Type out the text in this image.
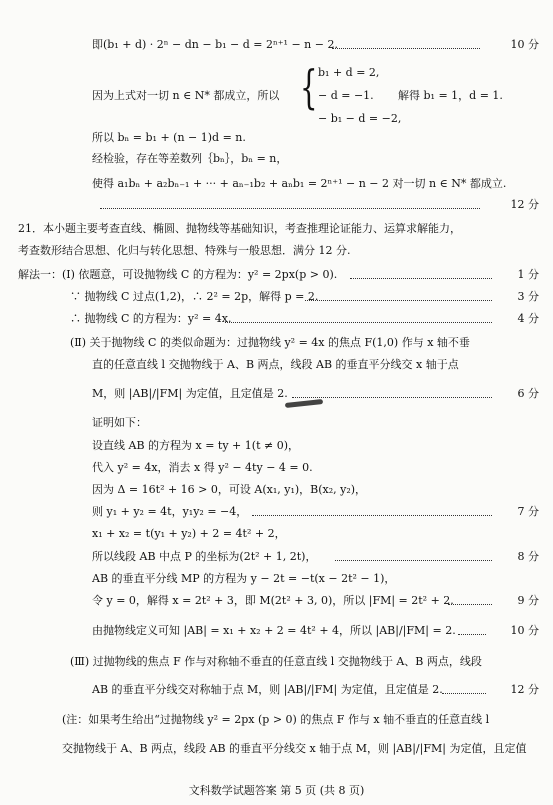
即(b₁ + d) · 2ⁿ − dn − b₁ − d = 2ⁿ⁺¹ − n − 2.	10 分
因为上式对一切 n ∈ N* 都成立，所以
所以 bₙ = b₁ + (n − 1)d = n.
经检验，存在等差数列｛bₙ｝，bₙ = n，
使得 a₁bₙ + a₂bₙ₋₁ + ··· + aₙ₋₁b₂ + aₙb₁ = 2ⁿ⁺¹ − n − 2 对一切 n ∈ N* 都成立.
12 分
21．本小题主要考查直线、椭圆、抛物线等基础知识，考查推理论证能力、运算求解能力，
考查数形结合思想、化归与转化思想、特殊与一般思想．满分 12 分.
解法一：(Ⅰ) 依题意，可设抛物线 C 的方程为：y² = 2px(p > 0).	1 分
∵ 抛物线 C 过点(1,2)，∴ 2² = 2p，解得 p = 2.	3 分
∴ 抛物线 C 的方程为：y² = 4x.	4 分
(Ⅱ) 关于抛物线 C 的类似命题为：过抛物线 y² = 4x 的焦点 F(1,0) 作与 x 轴不垂
直的任意直线 l 交抛物线于 A、B 两点，线段 AB 的垂直平分线交 x 轴于点
M，则 |AB|/|FM| 为定值，且定值是 2.	6 分
证明如下：
设直线 AB 的方程为 x = ty + 1(t ≠ 0)，
代入 y² = 4x，消去 x 得 y² − 4ty − 4 = 0.
因为 Δ = 16t² + 16 > 0，可设 A(x₁, y₁)，B(x₂, y₂)，
则 y₁ + y₂ = 4t，y₁y₂ = −4，	7 分
x₁ + x₂ = t(y₁ + y₂) + 2 = 4t² + 2，
所以线段 AB 中点 P 的坐标为(2t² + 1, 2t)，	8 分
AB 的垂直平分线 MP 的方程为 y − 2t = −t(x − 2t² − 1)，
令 y = 0，解得 x = 2t² + 3，即 M(2t² + 3, 0)，所以 |FM| = 2t² + 2.	9 分
由抛物线定义可知 |AB| = x₁ + x₂ + 2 = 4t² + 4，所以 |AB|/|FM| = 2.	10 分
(Ⅲ) 过抛物线的焦点 F 作与对称轴不垂直的任意直线 l 交抛物线于 A、B 两点，线段
AB 的垂直平分线交对称轴于点 M，则 |AB|/|FM| 为定值，且定值是 2.	12 分
(注：如果考生给出“过抛物线 y² = 2px (p > 0) 的焦点 F 作与 x 轴不垂直的任意直线 l
交抛物线于 A、B 两点，线段 AB 的垂直平分线交 x 轴于点 M，则 |AB|/|FM| 为定值，且定值
{ b₁ + d = 2,
− d = −1.
− b₁ − d = −2,
解得 b₁ = 1，d = 1.
文科数学试题答案 第 5 页 (共 8 页)
